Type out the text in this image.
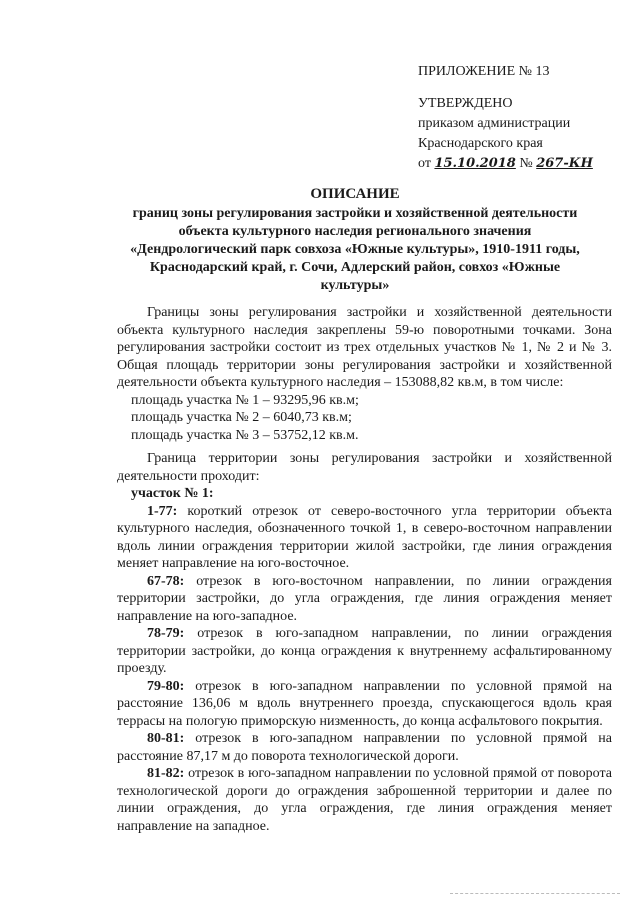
ПРИЛОЖЕНИЕ № 13
УТВЕРЖДЕНО
приказом администрации
Краснодарского края
от 15.10.2018 № 267-КН
ОПИСАНИЕ
границ зоны регулирования застройки и хозяйственной деятельности
объекта культурного наследия регионального значения
«Дендрологический парк совхоза «Южные культуры», 1910-1911 годы,
Краснодарский край, г. Сочи, Адлерский район, совхоз «Южные
культуры»

Границы зоны регулирования застройки и хозяйственной деятельности объекта культурного наследия закреплены 59-ю поворотными точками. Зона регулирования застройки состоит из трех отдельных участков № 1, № 2 и № 3. Общая площадь территории зоны регулирования застройки и хозяйственной деятельности объекта культурного наследия – 153088,82 кв.м, в том числе:

площадь участка № 1 – 93295,96 кв.м;

площадь участка № 2 – 6040,73 кв.м;

площадь участка № 3 – 53752,12 кв.м.

Граница территории зоны регулирования застройки и хозяйственной деятельности проходит:

участок № 1:

1-77: короткий отрезок от северо-восточного угла территории объекта культурного наследия, обозначенного точкой 1, в северо-восточном направлении вдоль линии ограждения территории жилой застройки, где линия ограждения меняет направление на юго-восточное.

67-78: отрезок в юго-восточном направлении, по линии ограждения территории застройки, до угла ограждения, где линия ограждения меняет направление на юго-западное.

78-79: отрезок в юго-западном направлении, по линии ограждения территории застройки, до конца ограждения к внутреннему асфальтированному проезду.

79-80: отрезок в юго-западном направлении по условной прямой на расстояние 136,06 м вдоль внутреннего проезда, спускающегося вдоль края террасы на пологую приморскую низменность, до конца асфальтового покрытия.

80-81: отрезок в юго-западном направлении по условной прямой на расстояние 87,17 м до поворота технологической дороги.

81-82: отрезок в юго-западном направлении по условной прямой от поворота технологической дороги до ограждения заброшенной территории и далее по линии ограждения, до угла ограждения, где линия ограждения меняет направление на западное.
